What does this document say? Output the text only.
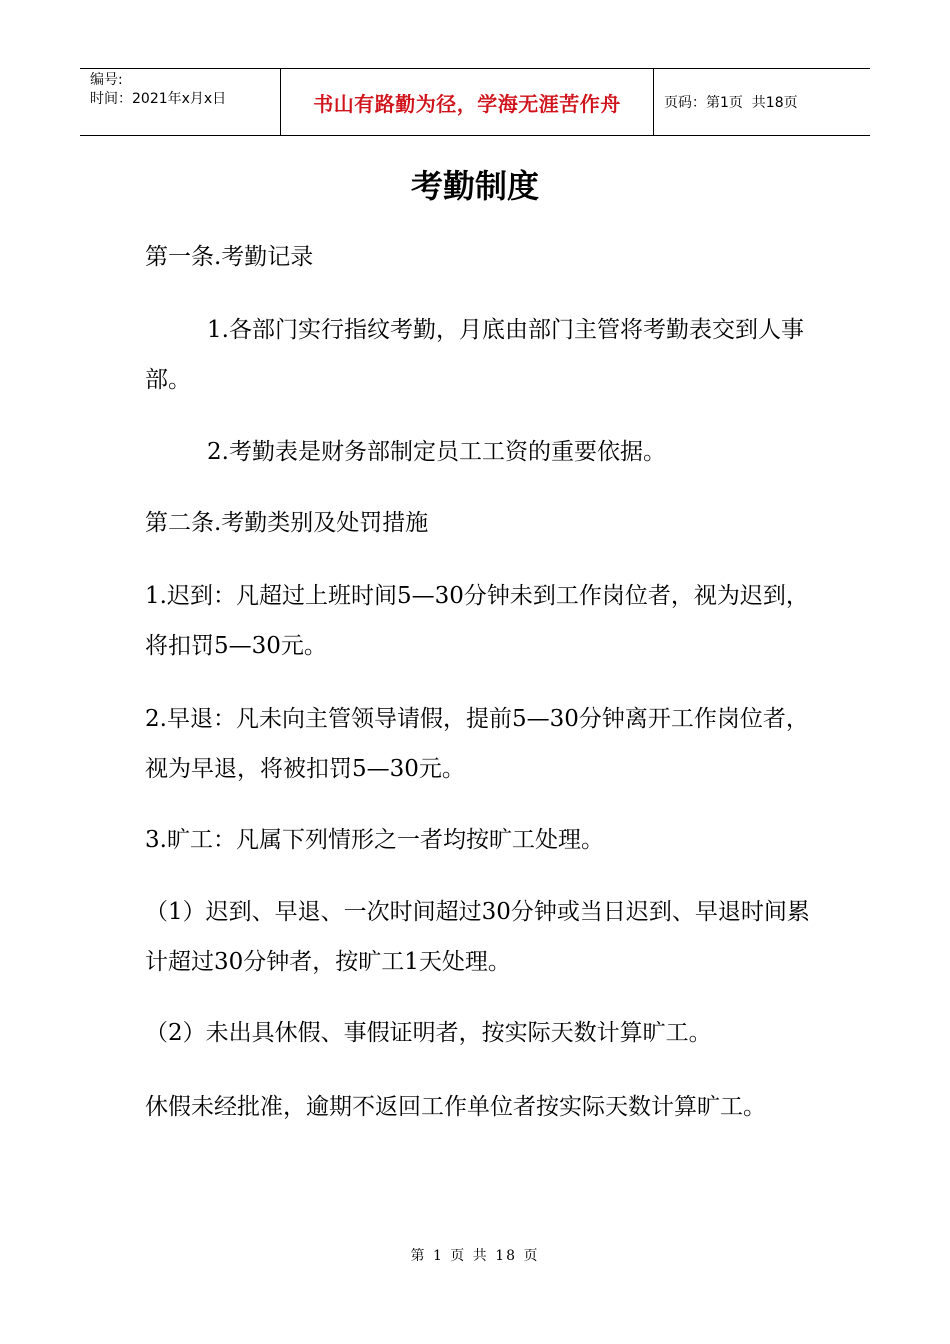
编号:
时间：2021年x月x日	书山有路勤为径，学海无涯苦作舟	页码：第1页  共18页
考勤制度

第一条.考勤记录

1.各部门实行指纹考勤，月底由部门主管将考勤表交到人事部。

2.考勤表是财务部制定员工工资的重要依据。

第二条.考勤类别及处罚措施

1.迟到：凡超过上班时间5—30分钟未到工作岗位者，视为迟到，将扣罚5—30元。

2.早退：凡未向主管领导请假，提前5—30分钟离开工作岗位者，视为早退，将被扣罚5—30元。

3.旷工：凡属下列情形之一者均按旷工处理。

（1）迟到、早退、一次时间超过30分钟或当日迟到、早退时间累计超过30分钟者，按旷工1天处理。

（2）未出具休假、事假证明者，按实际天数计算旷工。

休假未经批准，逾期不返回工作单位者按实际天数计算旷工。

第 1 页 共 18 页
